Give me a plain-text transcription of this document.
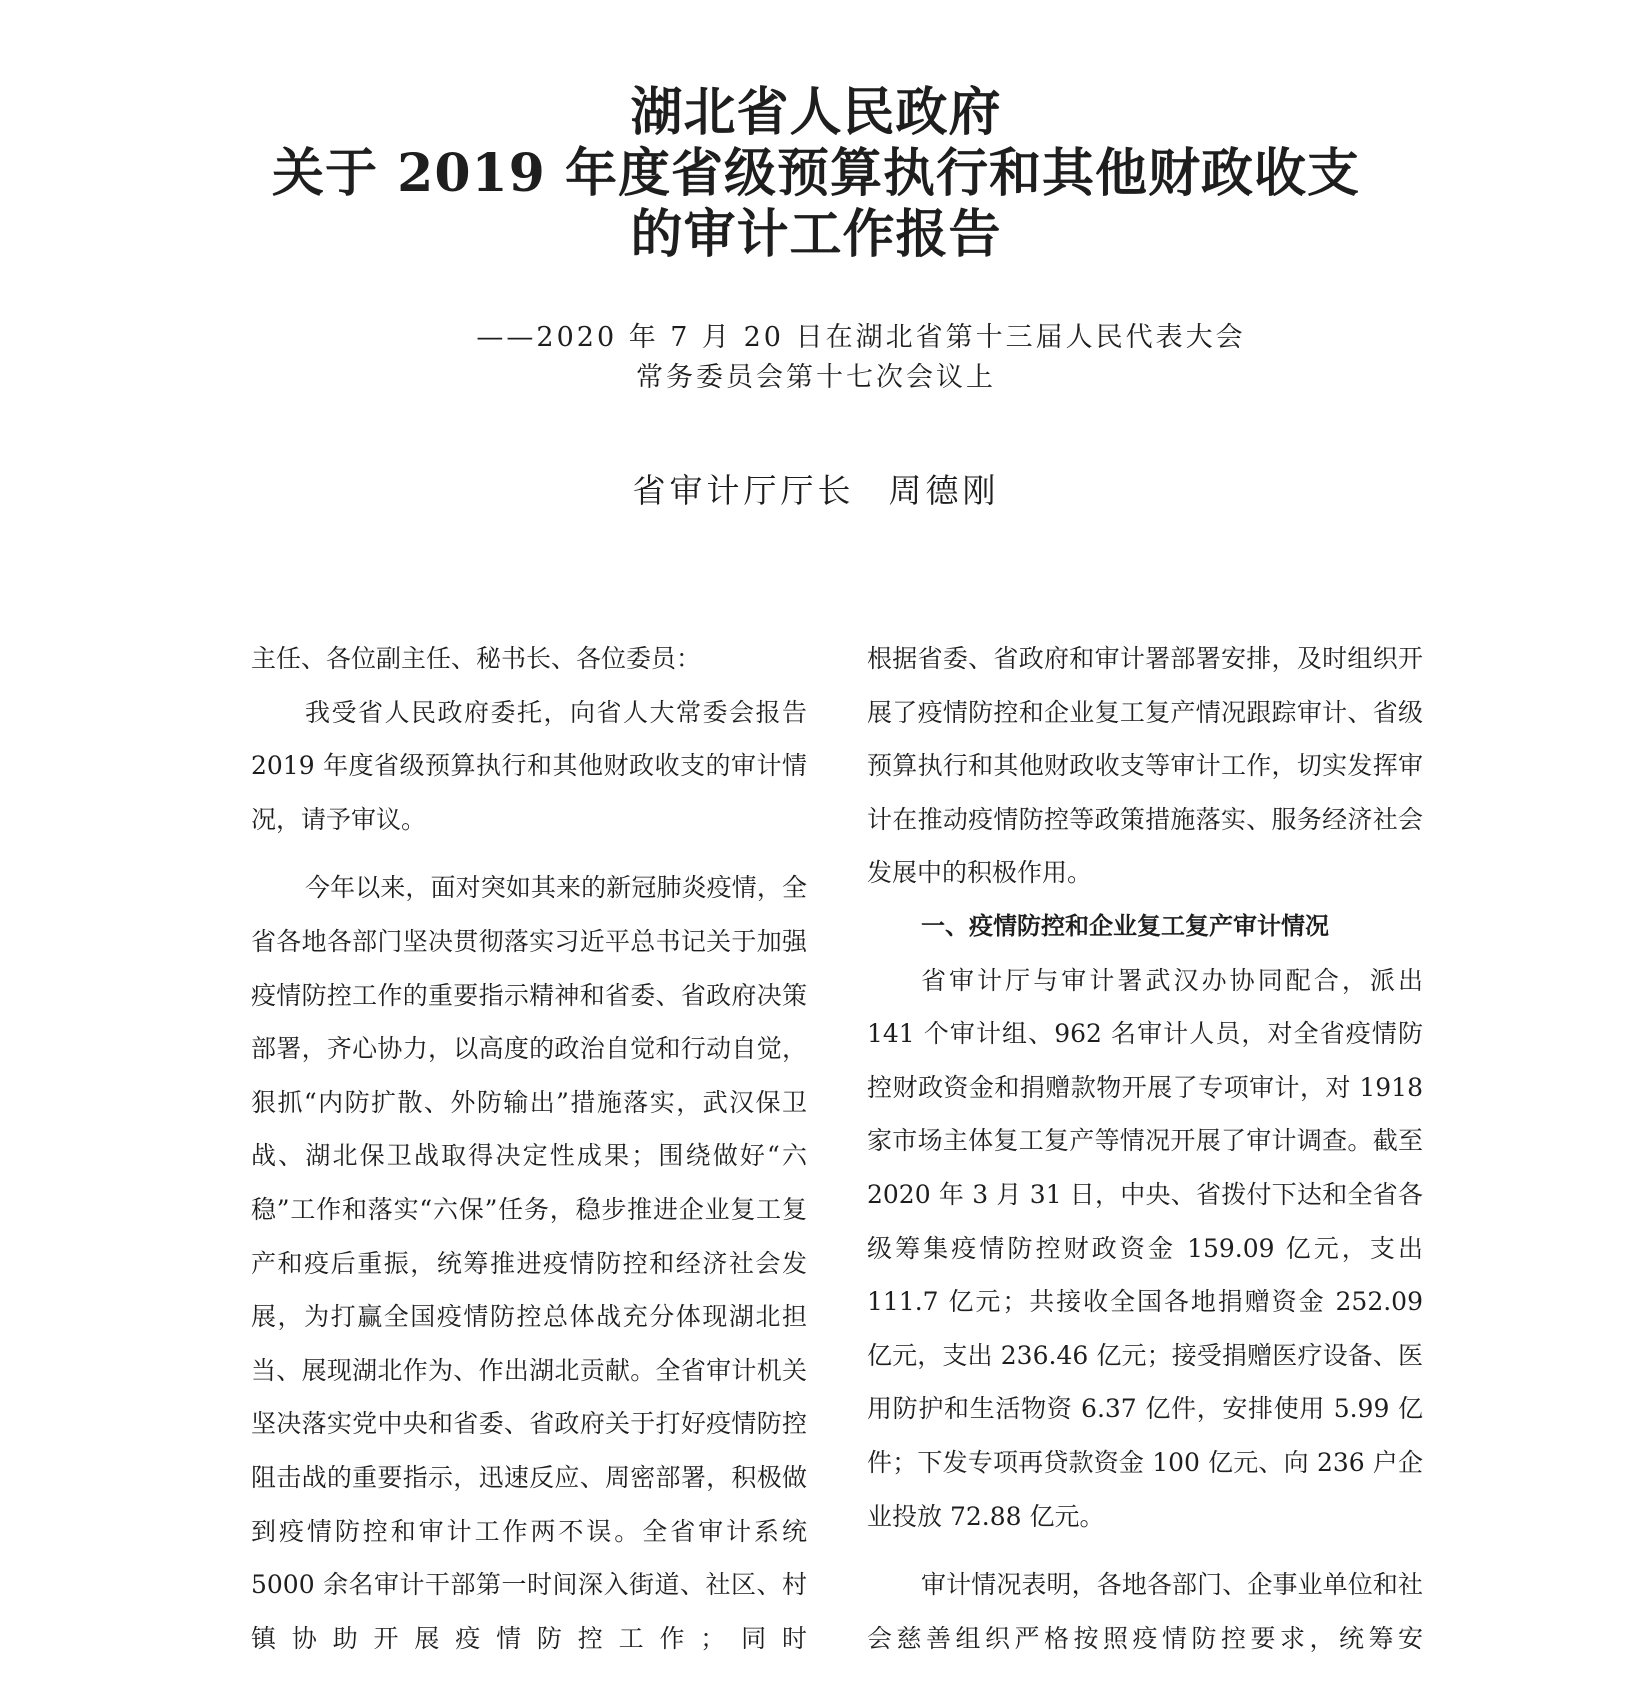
湖北省人民政府
关于 2019 年度省级预算执行和其他财政收支
的审计工作报告
——2020 年 7 月 20 日在湖北省第十三届人民代表大会
常务委员会第十七次会议上
省审计厅厅长 周德刚

主任、各位副主任、秘书长、各位委员：

我受省人民政府委托，向省人大常委会报告 2019 年度省级预算执行和其他财政收支的审计情况，请予审议。

今年以来，面对突如其来的新冠肺炎疫情，全省各地各部门坚决贯彻落实习近平总书记关于加强疫情防控工作的重要指示精神和省委、省政府决策部署，齐心协力，以高度的政治自觉和行动自觉，狠抓“内防扩散、外防输出”措施落实，武汉保卫战、湖北保卫战取得决定性成果；围绕做好“六稳”工作和落实“六保”任务，稳步推进企业复工复产和疫后重振，统筹推进疫情防控和经济社会发展，为打赢全国疫情防控总体战充分体现湖北担当、展现湖北作为、作出湖北贡献。全省审计机关坚决落实党中央和省委、省政府关于打好疫情防控阻击战的重要指示，迅速反应、周密部署，积极做到疫情防控和审计工作两不误。全省审计系统 5000 余名审计干部第一时间深入街道、社区、村镇协助开展疫情防控工作；同时

根据省委、省政府和审计署部署安排，及时组织开展了疫情防控和企业复工复产情况跟踪审计、省级预算执行和其他财政收支等审计工作，切实发挥审计在推动疫情防控等政策措施落实、服务经济社会发展中的积极作用。

一、疫情防控和企业复工复产审计情况

省审计厅与审计署武汉办协同配合，派出 141 个审计组、962 名审计人员，对全省疫情防控财政资金和捐赠款物开展了专项审计，对 1918 家市场主体复工复产等情况开展了审计调查。截至 2020 年 3 月 31 日，中央、省拨付下达和全省各级筹集疫情防控财政资金 159.09 亿元，支出 111.7 亿元；共接收全国各地捐赠资金 252.09 亿元，支出 236.46 亿元；接受捐赠医疗设备、医用防护和生活物资 6.37 亿件，安排使用 5.99 亿件；下发专项再贷款资金 100 亿元、向 236 户企业投放 72.88 亿元。

审计情况表明，各地各部门、企事业单位和社会慈善组织严格按照疫情防控要求，统筹安
